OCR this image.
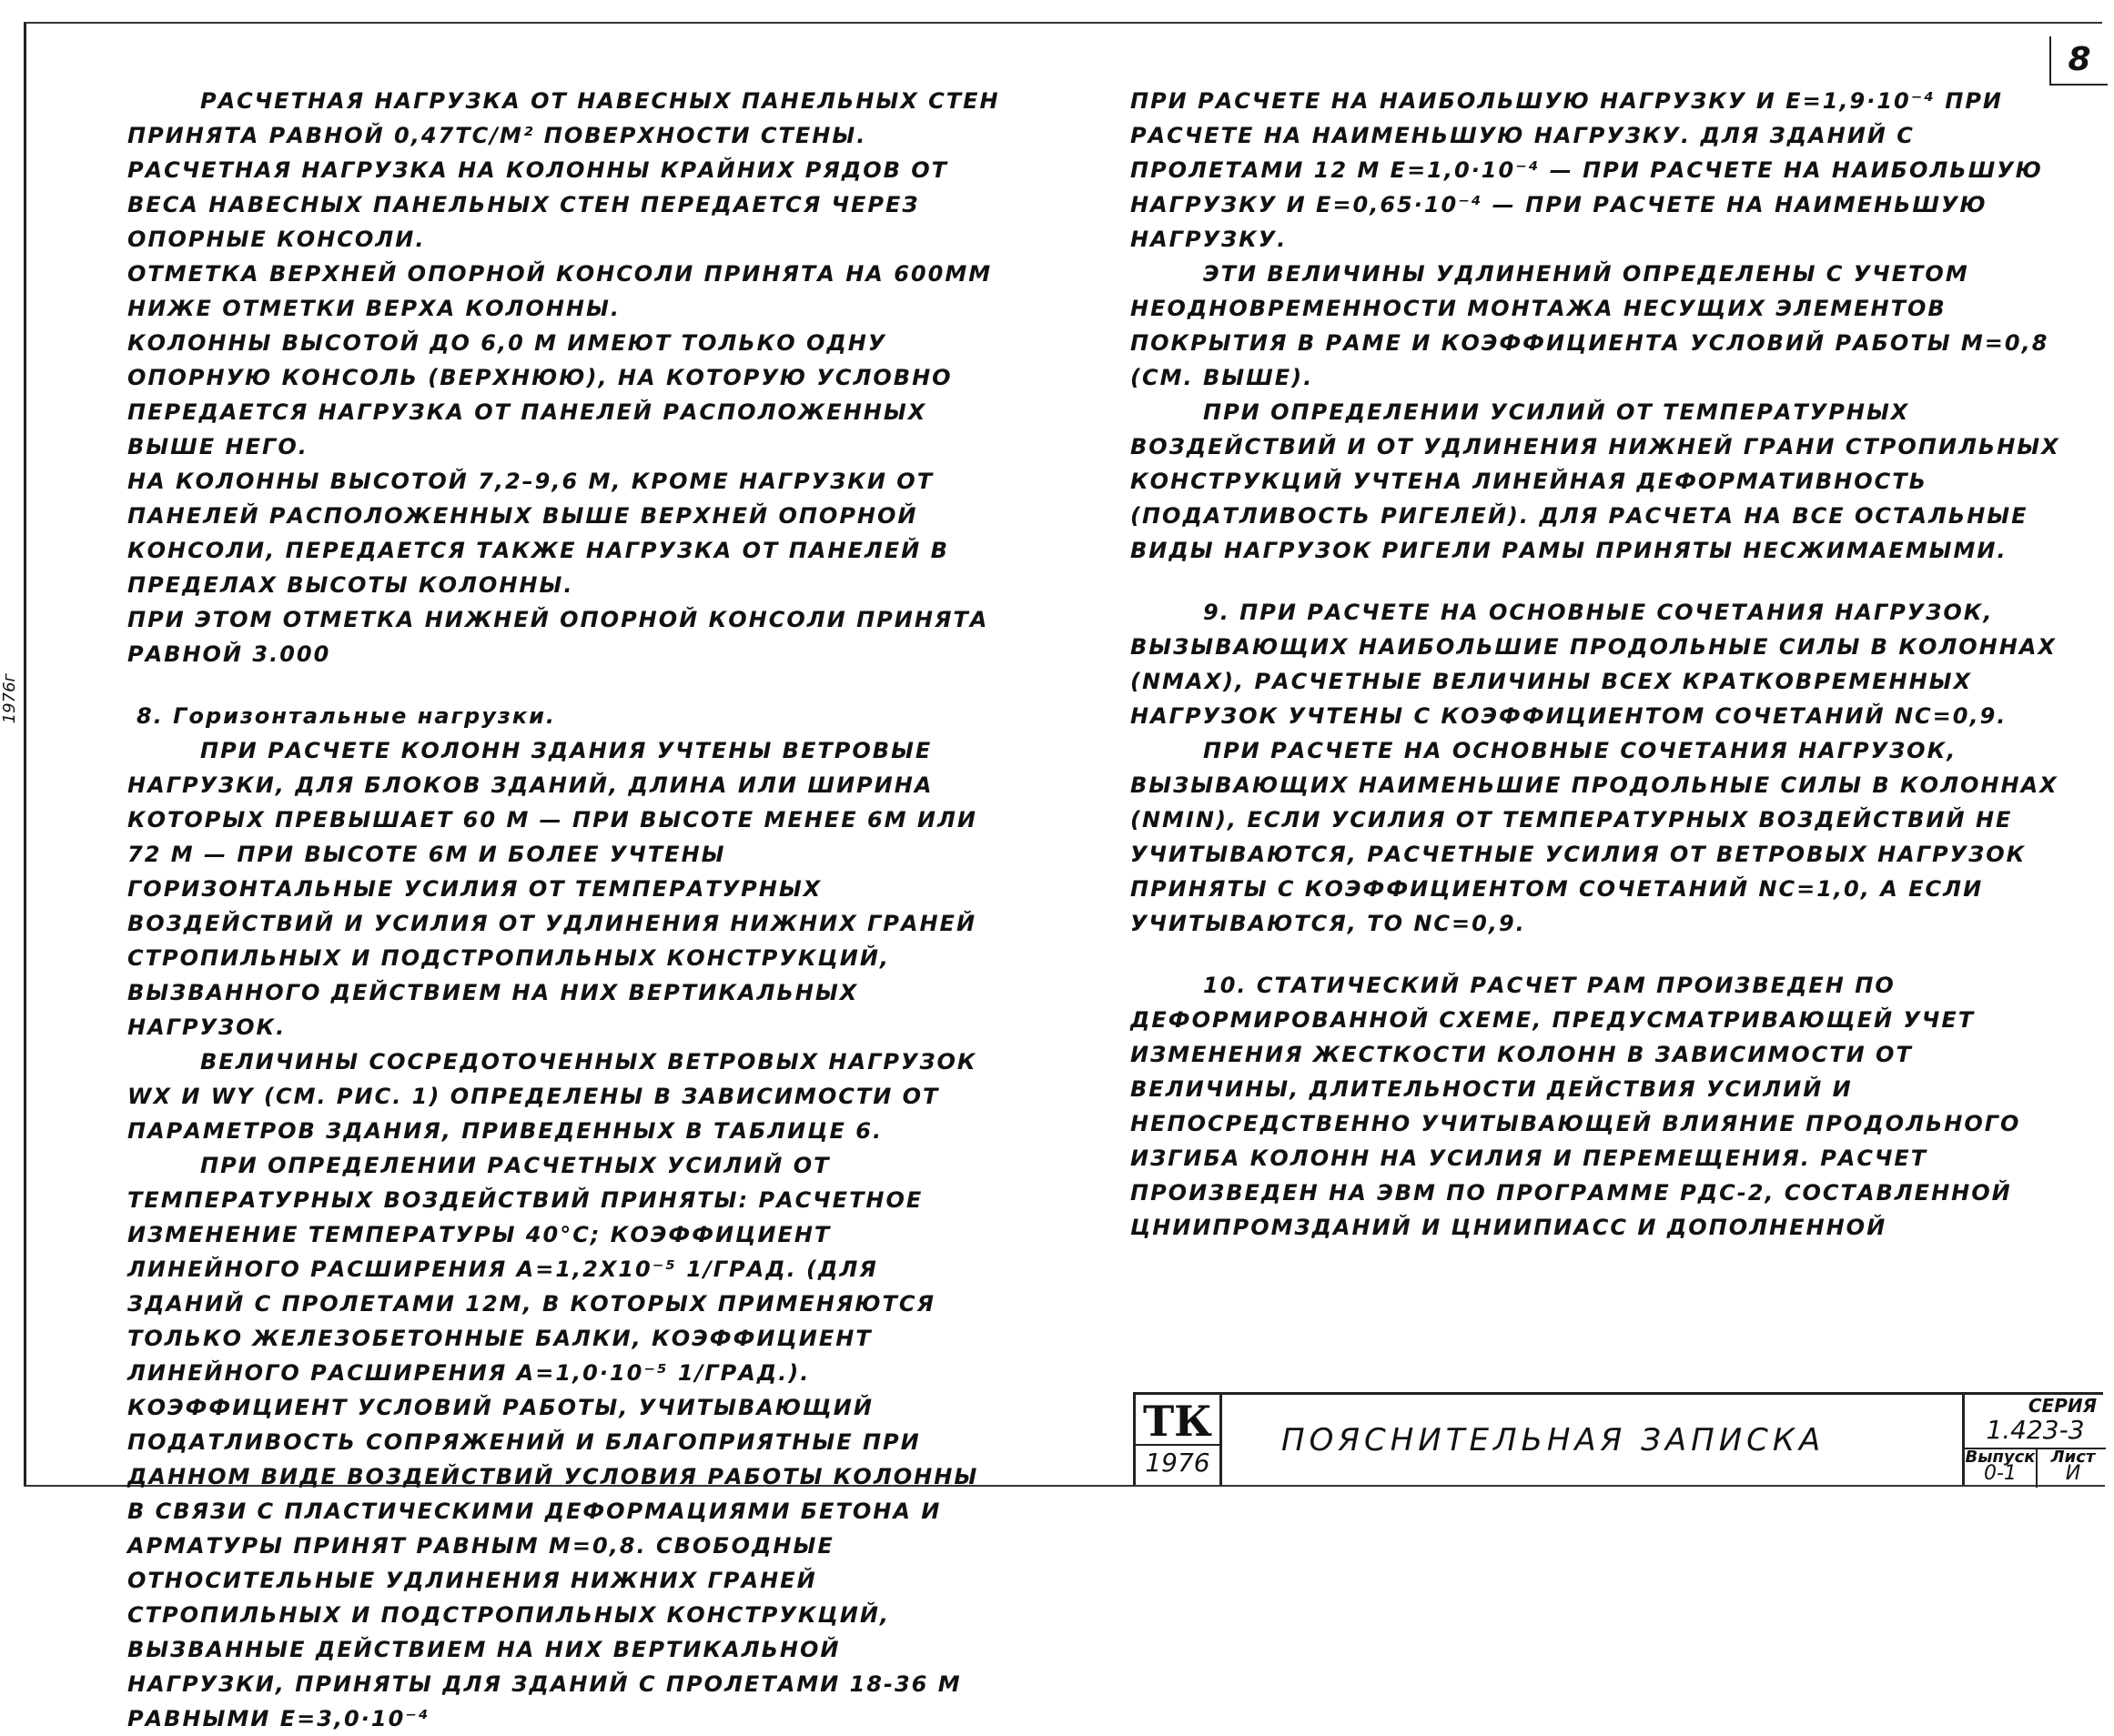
8
1976г

РАСЧЕТНАЯ НАГРУЗКА ОТ НАВЕСНЫХ ПАНЕЛЬНЫХ СТЕН
ПРИНЯТА РАВНОЙ 0,47ТС/М² ПОВЕРХНОСТИ СТЕНЫ.

РАСЧЕТНАЯ НАГРУЗКА НА КОЛОННЫ КРАЙНИХ РЯДОВ ОТ ВЕСА НАВЕСНЫХ ПАНЕЛЬНЫХ СТЕН ПЕРЕДАЕТСЯ ЧЕРЕЗ ОПОРНЫЕ КОНСОЛИ.

ОТМЕТКА ВЕРХНЕЙ ОПОРНОЙ КОНСОЛИ ПРИНЯТА НА 600ММ НИЖЕ ОТМЕТКИ ВЕРХА КОЛОННЫ.

КОЛОННЫ ВЫСОТОЙ ДО 6,0 М ИМЕЮТ ТОЛЬКО ОДНУ ОПОРНУЮ КОНСОЛЬ (ВЕРХНЮЮ), НА КОТОРУЮ УСЛОВНО ПЕРЕДАЕТСЯ НАГРУЗКА ОТ ПАНЕЛЕЙ РАСПОЛОЖЕННЫХ ВЫШЕ НЕГО.

НА КОЛОННЫ ВЫСОТОЙ 7,2–9,6 М, КРОМЕ НАГРУЗКИ ОТ ПАНЕЛЕЙ РАСПОЛОЖЕННЫХ ВЫШЕ ВЕРХНЕЙ ОПОРНОЙ КОНСОЛИ, ПЕРЕДАЕТСЯ ТАКЖЕ НАГРУЗКА ОТ ПАНЕЛЕЙ В ПРЕДЕЛАХ ВЫСОТЫ КОЛОННЫ.

ПРИ ЭТОМ ОТМЕТКА НИЖНЕЙ ОПОРНОЙ КОНСОЛИ ПРИНЯТА РАВНОЙ 3.000

8. Горизонтальные нагрузки.

ПРИ РАСЧЕТЕ КОЛОНН ЗДАНИЯ УЧТЕНЫ ВЕТРОВЫЕ НАГРУЗКИ, ДЛЯ БЛОКОВ ЗДАНИЙ, ДЛИНА ИЛИ ШИРИНА КОТОРЫХ ПРЕВЫШАЕТ 60 М — ПРИ ВЫСОТЕ МЕНЕЕ 6М ИЛИ 72 М — ПРИ ВЫСОТЕ 6М И БОЛЕЕ УЧТЕНЫ ГОРИЗОНТАЛЬНЫЕ УСИЛИЯ ОТ ТЕМПЕРАТУРНЫХ ВОЗДЕЙСТВИЙ И УСИЛИЯ ОТ УДЛИНЕНИЯ НИЖНИХ ГРАНЕЙ СТРОПИЛЬНЫХ И ПОДСТРОПИЛЬНЫХ КОНСТРУКЦИЙ, ВЫЗВАННОГО ДЕЙСТВИЕМ НА НИХ ВЕРТИКАЛЬНЫХ НАГРУЗОК.

ВЕЛИЧИНЫ СОСРЕДОТОЧЕННЫХ ВЕТРОВЫХ НАГРУЗОК WX И WY (СМ. РИС. 1) ОПРЕДЕЛЕНЫ В ЗАВИСИМОСТИ ОТ ПАРАМЕТРОВ ЗДАНИЯ, ПРИВЕДЕННЫХ В ТАБЛИЦЕ 6.

ПРИ ОПРЕДЕЛЕНИИ РАСЧЕТНЫХ УСИЛИЙ ОТ ТЕМПЕРАТУРНЫХ ВОЗДЕЙСТВИЙ ПРИНЯТЫ: РАСЧЕТНОЕ ИЗМЕНЕНИЕ ТЕМПЕРАТУРЫ 40°С; КОЭФФИЦИЕНТ ЛИНЕЙНОГО РАСШИРЕНИЯ Α=1,2Х10⁻⁵ 1/ГРАД. (ДЛЯ ЗДАНИЙ С ПРОЛЕТАМИ 12М, В КОТОРЫХ ПРИМЕНЯЮТСЯ ТОЛЬКО ЖЕЛЕЗОБЕТОННЫЕ БАЛКИ, КОЭФФИЦИЕНТ ЛИНЕЙНОГО РАСШИРЕНИЯ Α=1,0·10⁻⁵ 1/ГРАД.). КОЭФФИЦИЕНТ УСЛОВИЙ РАБОТЫ, УЧИТЫВАЮЩИЙ ПОДАТЛИВОСТЬ СОПРЯЖЕНИЙ И БЛАГОПРИЯТНЫЕ ПРИ ДАННОМ ВИДЕ ВОЗДЕЙСТВИЙ УСЛОВИЯ РАБОТЫ КОЛОННЫ В СВЯЗИ С ПЛАСТИЧЕСКИМИ ДЕФОРМАЦИЯМИ БЕТОНА И АРМАТУРЫ ПРИНЯТ РАВНЫМ M=0,8. СВОБОДНЫЕ ОТНОСИТЕЛЬНЫЕ УДЛИНЕНИЯ НИЖНИХ ГРАНЕЙ СТРОПИЛЬНЫХ И ПОДСТРОПИЛЬНЫХ КОНСТРУКЦИЙ, ВЫЗВАННЫЕ ДЕЙСТВИЕМ НА НИХ ВЕРТИКАЛЬНОЙ НАГРУЗКИ, ПРИНЯТЫ ДЛЯ ЗДАНИЙ С ПРОЛЕТАМИ 18-36 М РАВНЫМИ Ε=3,0·10⁻⁴

ПРИ РАСЧЕТЕ НА НАИБОЛЬШУЮ НАГРУЗКУ И Ε=1,9·10⁻⁴ ПРИ РАСЧЕТЕ НА НАИМЕНЬШУЮ НАГРУЗКУ. ДЛЯ ЗДАНИЙ С ПРОЛЕТАМИ 12 М Ε=1,0·10⁻⁴ — ПРИ РАСЧЕТЕ НА НАИБОЛЬШУЮ НАГРУЗКУ И Ε=0,65·10⁻⁴ — ПРИ РАСЧЕТЕ НА НАИМЕНЬШУЮ НАГРУЗКУ.

ЭТИ ВЕЛИЧИНЫ УДЛИНЕНИЙ ОПРЕДЕЛЕНЫ С УЧЕТОМ НЕОДНОВРЕМЕННОСТИ МОНТАЖА НЕСУЩИХ ЭЛЕМЕНТОВ ПОКРЫТИЯ В РАМЕ И КОЭФФИЦИЕНТА УСЛОВИЙ РАБОТЫ M=0,8 (СМ. ВЫШЕ).

ПРИ ОПРЕДЕЛЕНИИ УСИЛИЙ ОТ ТЕМПЕРАТУРНЫХ ВОЗДЕЙСТВИЙ И ОТ УДЛИНЕНИЯ НИЖНЕЙ ГРАНИ СТРОПИЛЬНЫХ КОНСТРУКЦИЙ УЧТЕНА ЛИНЕЙНАЯ ДЕФОРМАТИВНОСТЬ (ПОДАТЛИВОСТЬ РИГЕЛЕЙ). ДЛЯ РАСЧЕТА НА ВСЕ ОСТАЛЬНЫЕ ВИДЫ НАГРУЗОК РИГЕЛИ РАМЫ ПРИНЯТЫ НЕСЖИМАЕМЫМИ.

9. ПРИ РАСЧЕТЕ НА ОСНОВНЫЕ СОЧЕТАНИЯ НАГРУЗОК, ВЫЗЫВАЮЩИХ НАИБОЛЬШИЕ ПРОДОЛЬНЫЕ СИЛЫ В КОЛОННАХ (NMAX), РАСЧЕТНЫЕ ВЕЛИЧИНЫ ВСЕХ КРАТКОВРЕМЕННЫХ НАГРУЗОК УЧТЕНЫ С КОЭФФИЦИЕНТОМ СОЧЕТАНИЙ NС=0,9.

ПРИ РАСЧЕТЕ НА ОСНОВНЫЕ СОЧЕТАНИЯ НАГРУЗОК, ВЫЗЫВАЮЩИХ НАИМЕНЬШИЕ ПРОДОЛЬНЫЕ СИЛЫ В КОЛОННАХ (NMIN), ЕСЛИ УСИЛИЯ ОТ ТЕМПЕРАТУРНЫХ ВОЗДЕЙСТВИЙ НЕ УЧИТЫВАЮТСЯ, РАСЧЕТНЫЕ УСИЛИЯ ОТ ВЕТРОВЫХ НАГРУЗОК ПРИНЯТЫ С КОЭФФИЦИЕНТОМ СОЧЕТАНИЙ NС=1,0, А ЕСЛИ УЧИТЫВАЮТСЯ, ТО NС=0,9.

10. СТАТИЧЕСКИЙ РАСЧЕТ РАМ ПРОИЗВЕДЕН ПО ДЕФОРМИРОВАННОЙ СХЕМЕ, ПРЕДУСМАТРИВАЮЩЕЙ УЧЕТ ИЗМЕНЕНИЯ ЖЕСТКОСТИ КОЛОНН В ЗАВИСИМОСТИ ОТ ВЕЛИЧИНЫ, ДЛИТЕЛЬНОСТИ ДЕЙСТВИЯ УСИЛИЙ И НЕПОСРЕДСТВЕННО УЧИТЫВАЮЩЕЙ ВЛИЯНИЕ ПРОДОЛЬНОГО ИЗГИБА КОЛОНН НА УСИЛИЯ И ПЕРЕМЕЩЕНИЯ. РАСЧЕТ ПРОИЗВЕДЕН НА ЭВМ ПО ПРОГРАММЕ РДС-2, СОСТАВЛЕННОЙ ЦНИИПРОМЗДАНИЙ И ЦНИИПИАСС И ДОПОЛНЕННОЙ

ТК
1976
ПОЯСНИТЕЛЬНАЯ ЗАПИСКА
СЕРИЯ
1.423-3
Выпуск
0-1
Лист
И
